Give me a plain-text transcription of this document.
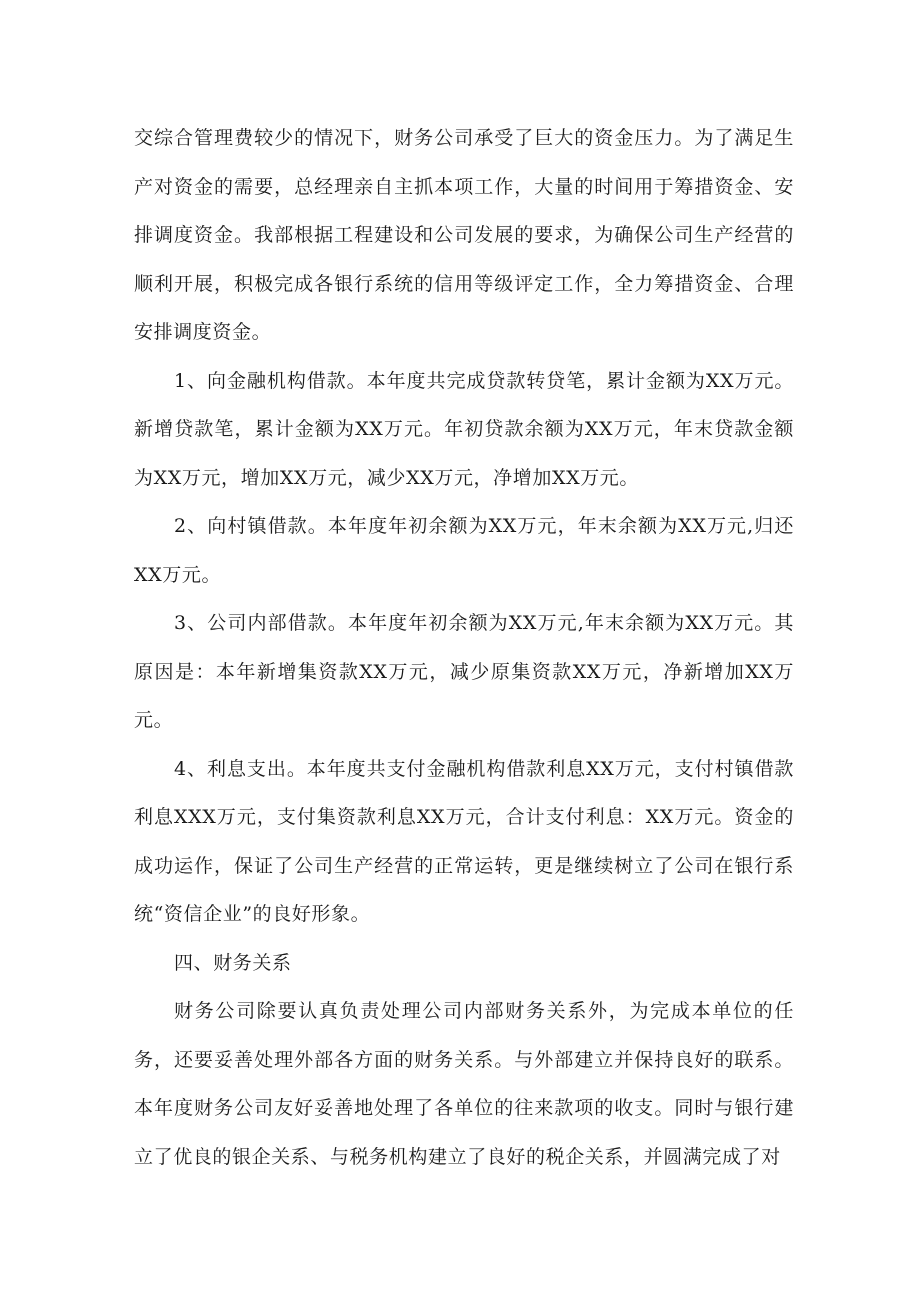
交综合管理费较少的情况下，财务公司承受了巨大的资金压力。为了满足生产对资金的需要，总经理亲自主抓本项工作，大量的时间用于筹措资金、安排调度资金。我部根据工程建设和公司发展的要求，为确保公司生产经营的顺利开展，积极完成各银行系统的信用等级评定工作，全力筹措资金、合理安排调度资金。

1、向金融机构借款。本年度共完成贷款转贷笔，累计金额为XX万元。新增贷款笔，累计金额为XX万元。年初贷款余额为XX万元，年末贷款金额为XX万元，增加XX万元，减少XX万元，净增加XX万元。

2、向村镇借款。本年度年初余额为XX万元，年末余额为XX万元,归还XX万元。

3、公司内部借款。本年度年初余额为XX万元,年末余额为XX万元。其原因是：本年新增集资款XX万元，减少原集资款XX万元，净新增加XX万元。

4、利息支出。本年度共支付金融机构借款利息XX万元，支付村镇借款利息XXX万元，支付集资款利息XX万元，合计支付利息：XX万元。资金的成功运作，保证了公司生产经营的正常运转，更是继续树立了公司在银行系统“资信企业”的良好形象。

四、财务关系

财务公司除要认真负责处理公司内部财务关系外，为完成本单位的任务，还要妥善处理外部各方面的财务关系。与外部建立并保持良好的联系。本年度财务公司友好妥善地处理了各单位的往来款项的收支。同时与银行建立了优良的银企关系、与税务机构建立了良好的税企关系，并圆满完成了对
